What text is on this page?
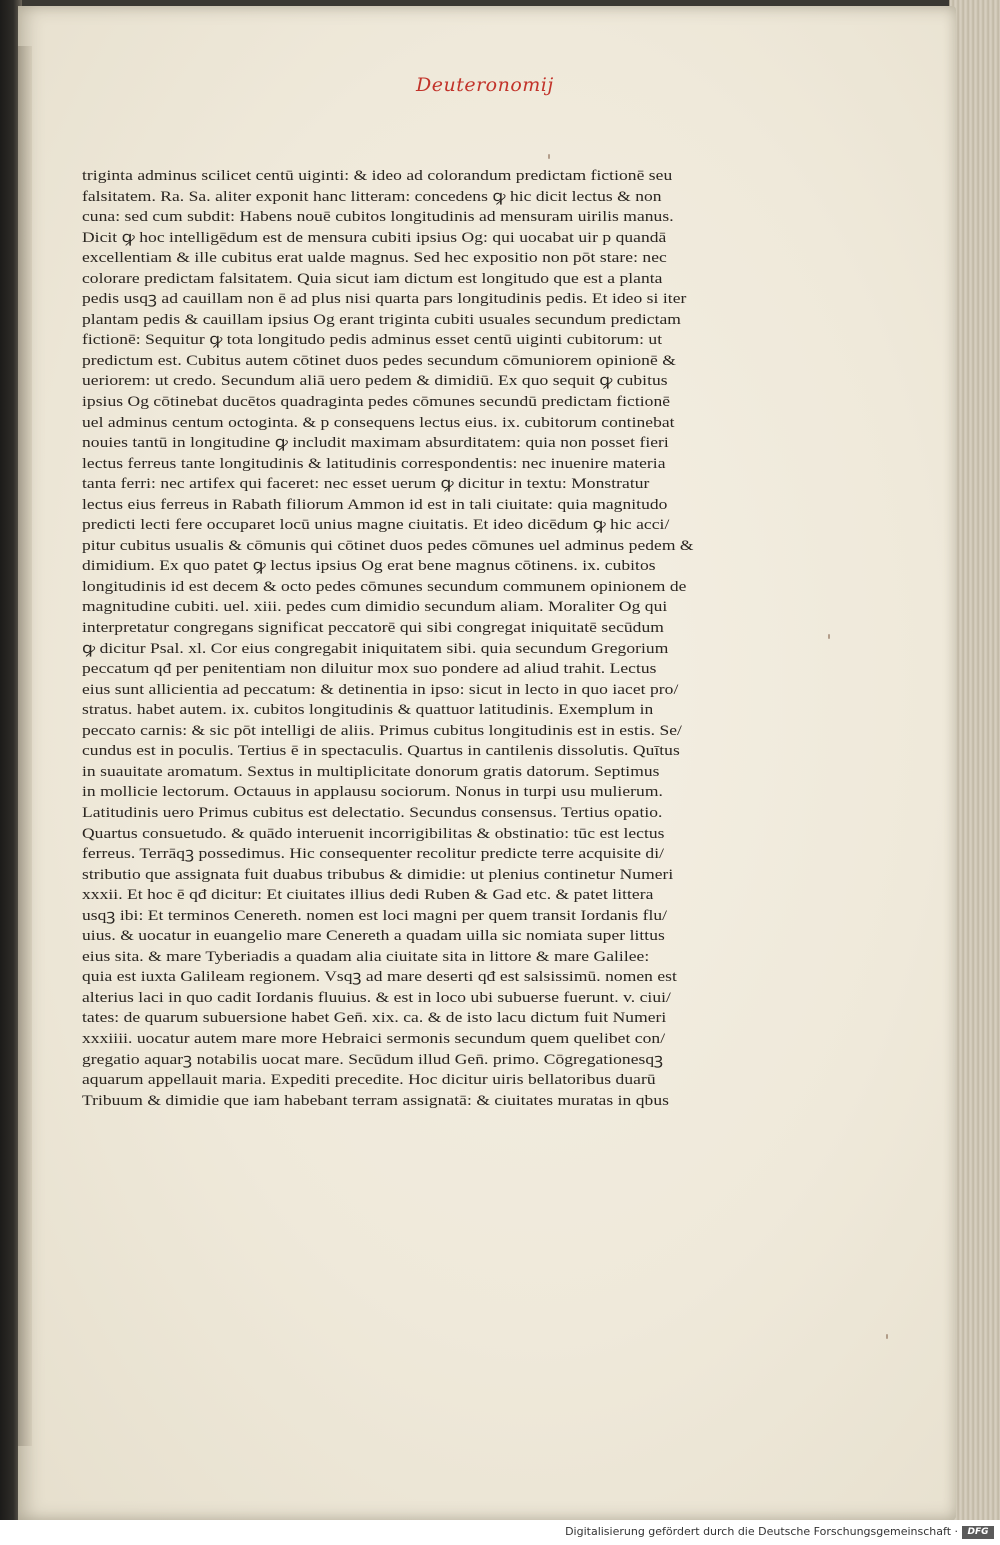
Deuteronomij
triginta adminus scilicet centū uiginti: & ideo ad colorandum predictam fictionē seu
falsitatem. Ra. Sa. aliter exponit hanc litteram: concedens ꝙ hic dicit lectus & non
cuna: sed cum subdit: Habens nouē cubitos longitudinis ad mensuram uirilis manus.
Dicit ꝙ hoc intelligēdum est de mensura cubiti ipsius Og: qui uocabat uir p quandā
excellentiam & ille cubitus erat ualde magnus. Sed hec expositio non pōt stare: nec
colorare predictam falsitatem. Quia sicut iam dictum est longitudo que est a planta
pedis usqꝫ ad cauillam non ē ad plus nisi quarta pars longitudinis pedis. Et ideo si iter
plantam pedis & cauillam ipsius Og erant triginta cubiti usuales secundum predictam
fictionē: Sequitur ꝙ tota longitudo pedis adminus esset centū uiginti cubitorum: ut
predictum est. Cubitus autem cōtinet duos pedes secundum cōmuniorem opinionē &
ueriorem: ut credo. Secundum aliā uero pedem & dimidiū. Ex quo sequit ꝙ cubitus
ipsius Og cōtinebat ducētos quadraginta pedes cōmunes secundū predictam fictionē
uel adminus centum octoginta. & p consequens lectus eius. ix. cubitorum continebat
nouies tantū in longitudine ꝙ includit maximam absurditatem: quia non posset fieri
lectus ferreus tante longitudinis & latitudinis correspondentis: nec inuenire materia
tanta ferri: nec artifex qui faceret: nec esset uerum ꝙ dicitur in textu: Monstratur
lectus eius ferreus in Rabath filiorum Ammon id est in tali ciuitate: quia magnitudo
predicti lecti fere occuparet locū unius magne ciuitatis. Et ideo dicēdum ꝙ hic acci/
pitur cubitus usualis & cōmunis qui cōtinet duos pedes cōmunes uel adminus pedem &
dimidium. Ex quo patet ꝙ lectus ipsius Og erat bene magnus cōtinens. ix. cubitos
longitudinis id est decem & octo pedes cōmunes secundum communem opinionem de
magnitudine cubiti. uel. xiii. pedes cum dimidio secundum aliam. Moraliter Og qui
interpretatur congregans significat peccatorē qui sibi congregat iniquitatē secūdum
ꝙ dicitur Psal. xl. Cor eius congregabit iniquitatem sibi. quia secundum Gregorium
peccatum qđ per penitentiam non diluitur mox suo pondere ad aliud trahit. Lectus
eius sunt allicientia ad peccatum: & detinentia in ipso: sicut in lecto in quo iacet pro/
stratus. habet autem. ix. cubitos longitudinis & quattuor latitudinis. Exemplum in
peccato carnis: & sic pōt intelligi de aliis. Primus cubitus longitudinis est in estis. Se/
cundus est in poculis. Tertius ē in spectaculis. Quartus in cantilenis dissolutis. Quītus
in suauitate aromatum. Sextus in multiplicitate donorum gratis datorum. Septimus
in mollicie lectorum. Octauus in applausu sociorum. Nonus in turpi usu mulierum.
Latitudinis uero Primus cubitus est delectatio. Secundus consensus. Tertius opatio.
Quartus consuetudo. & quādo interuenit incorrigibilitas & obstinatio: tūc est lectus
ferreus. Terrāqꝫ possedimus. Hic consequenter recolitur predicte terre acquisite di/
stributio que assignata fuit duabus tribubus & dimidie: ut plenius continetur Numeri
xxxii. Et hoc ē qđ dicitur: Et ciuitates illius dedi Ruben & Gad etc. & patet littera
usqꝫ ibi: Et terminos Cenereth. nomen est loci magni per quem transit Iordanis flu/
uius. & uocatur in euangelio mare Cenereth a quadam uilla sic nomiata super littus
eius sita. & mare Tyberiadis a quadam alia ciuitate sita in littore & mare Galilee:
quia est iuxta Galileam regionem. Vsqꝫ ad mare deserti qđ est salsissimū. nomen est
alterius laci in quo cadit Iordanis fluuius. & est in loco ubi subuerse fuerunt. v. ciui/
tates: de quarum subuersione habet Gen̄. xix. ca. & de isto lacu dictum fuit Numeri
xxxiiii. uocatur autem mare more Hebraici sermonis secundum quem quelibet con/
gregatio aquarꝫ notabilis uocat mare. Secūdum illud Gen̄. primo. Cōgregationesqꝫ
aquarum appellauit maria. Expediti precedite. Hoc dicitur uiris bellatoribus duarū
Tribuum & dimidie que iam habebant terram assignatā: & ciuitates muratas in qbus
Digitalisierung gefördert durch die Deutsche Forschungsgemeinschaft ·	DFG
